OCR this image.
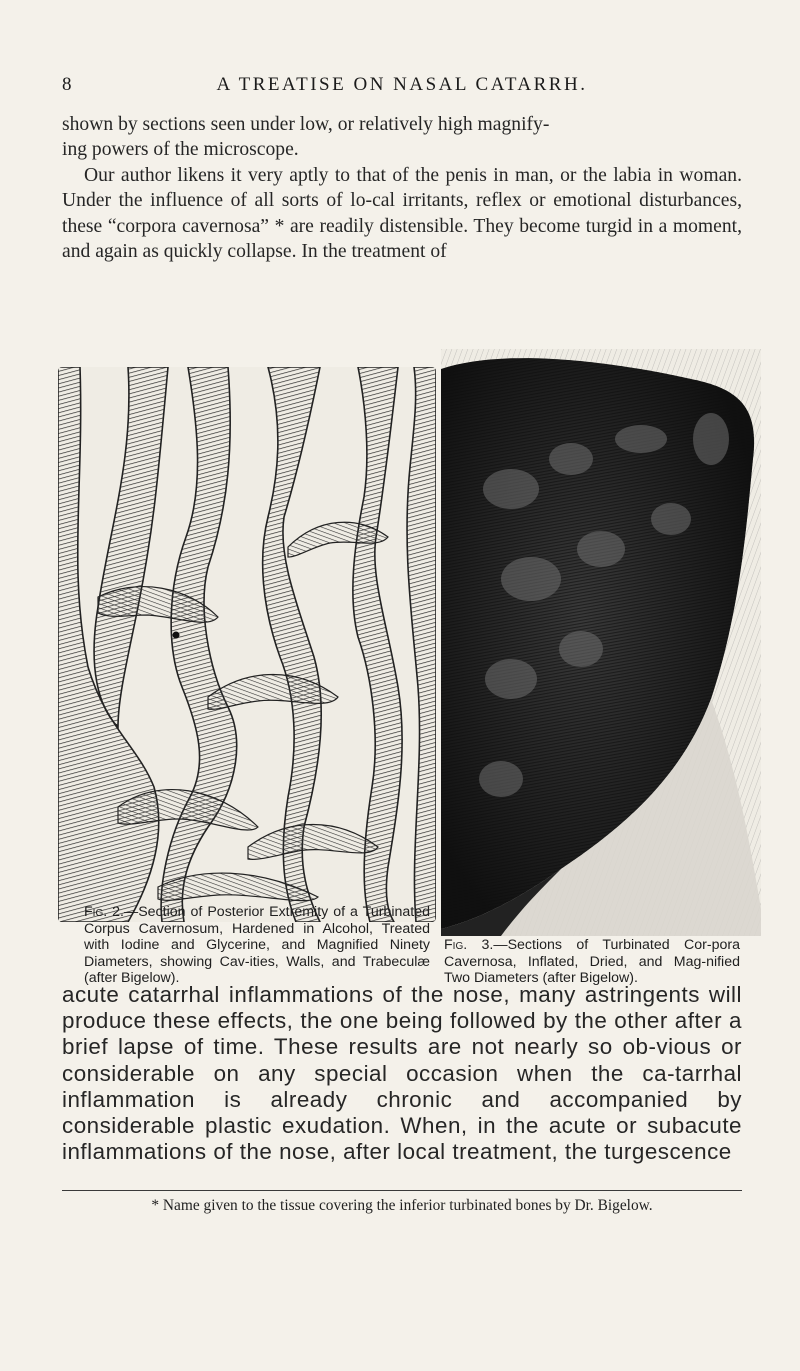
8	A TREATISE ON NASAL CATARRH.

shown by sections seen under low, or relatively high magnify-

ing powers of the microscope.

Our author likens it very aptly to that of the penis in man, or the labia in woman. Under the influence of all sorts of lo-cal irritants, reflex or emotional disturbances, these “corpora cavernosa” * are readily distensible. They become turgid in a moment, and again as quickly collapse. In the treatment of

Fig. 2.—Section of Posterior Extremity of a Turbinated Corpus Cavernosum, Hardened in Alcohol, Treated with Iodine and Glycerine, and Magnified Ninety Diameters, showing Cav-ities, Walls, and Trabeculæ (after Bigelow).
Fig. 3.—Sections of Turbinated Cor-pora Cavernosa, Inflated, Dried, and Mag-nified Two Diameters (after Bigelow).

acute catarrhal inflammations of the nose, many astringents will produce these effects, the one being followed by the other after a brief lapse of time. These results are not nearly so ob-vious or considerable on any special occasion when the ca-tarrhal inflammation is already chronic and accompanied by considerable plastic exudation. When, in the acute or subacute inflammations of the nose, after local treatment, the turgescence

* Name given to the tissue covering the inferior turbinated bones by Dr. Bigelow.
